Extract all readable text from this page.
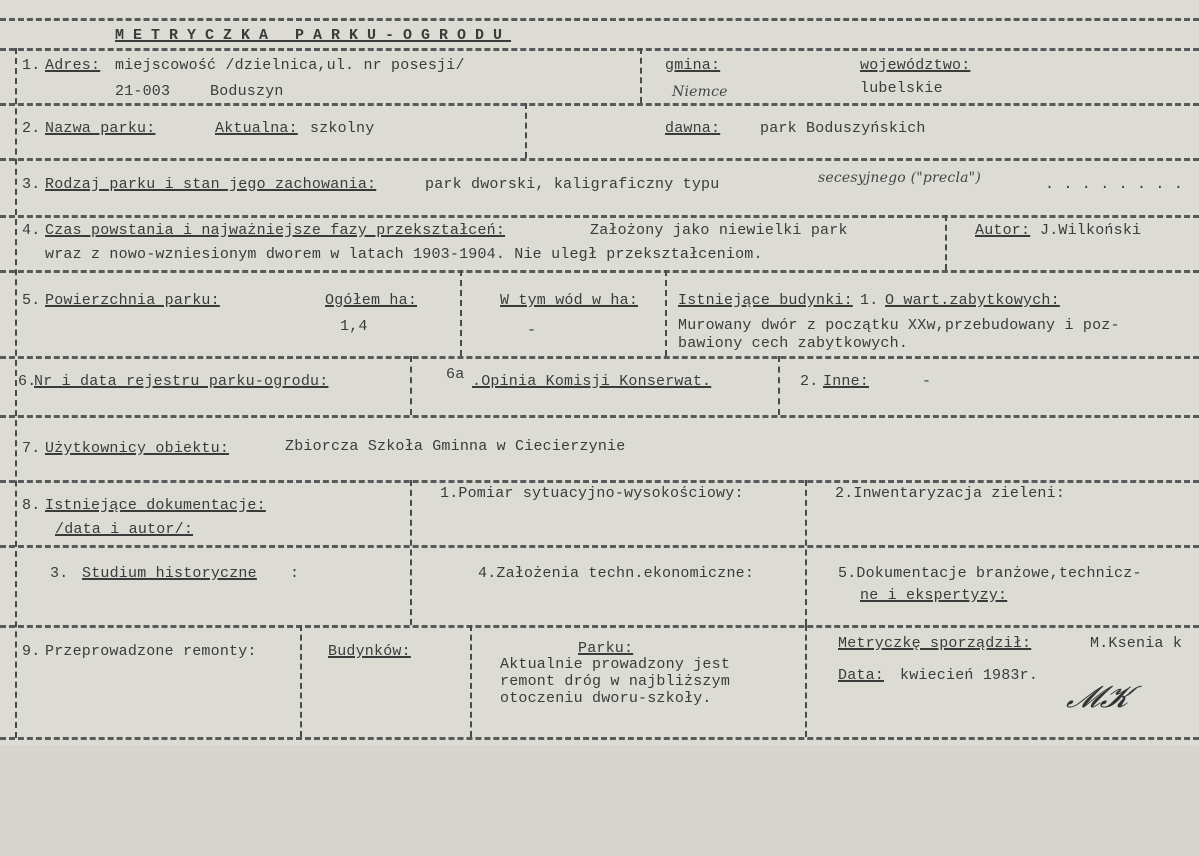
METRYCZKA PARKU-OGRODU
1. Adres: miejscowość /dzielnica,ul. nr posesji/
21-003	Boduszyn
gmina:
Niemce
województwo:
lubelskie
2. Nazwa parku:	Aktualna: szkolny	dawna:	park Boduszyńskich
3. Rodzaj parku i stan jego zachowania:	park dworski, kaligraficzny typu	secesyjnego ("precla")	. . . . . . . .
4. Czas powstania i najważniejsze fazy przekształceń:	Założony jako niewielki park
wraz z nowo-wzniesionym dworem w latach 1903-1904. Nie uległ przekształceniom.
Autor: J.Wilkoński
5. Powierzchnia parku:	Ogółem ha:
1,4
W tym wód w ha:
-
Istniejące budynki: 1. O wart.zabytkowych:
Murowany dwór z początku XXw,przebudowany i poz-
bawiony cech zabytkowych.
6.
Nr i data rejestru parku-ogrodu:	6a .Opinia Komisji Konserwat.	2. Inne:	-
7. Użytkownicy obiektu:	Zbiorcza Szkoła Gminna w Ciecierzynie
8. Istniejące dokumentacje:
/data i autor/:
1.Pomiar sytuacyjno-wysokościowy:	2.Inwentaryzacja zieleni:
3. Studium historyczne :	4.Założenia techn.ekonomiczne:	5.Dokumentacje branżowe,technicz-
ne i ekspertyzy:
9. Przeprowadzone remonty:	Budynków:	Parku:
Aktualnie prowadzony jest
remont dróg w najbliższym
otoczeniu dworu-szkoły.
Metryczkę sporządził:	M.Ksenia k
Data: kwiecień 1983r.
𝓜𝓚
